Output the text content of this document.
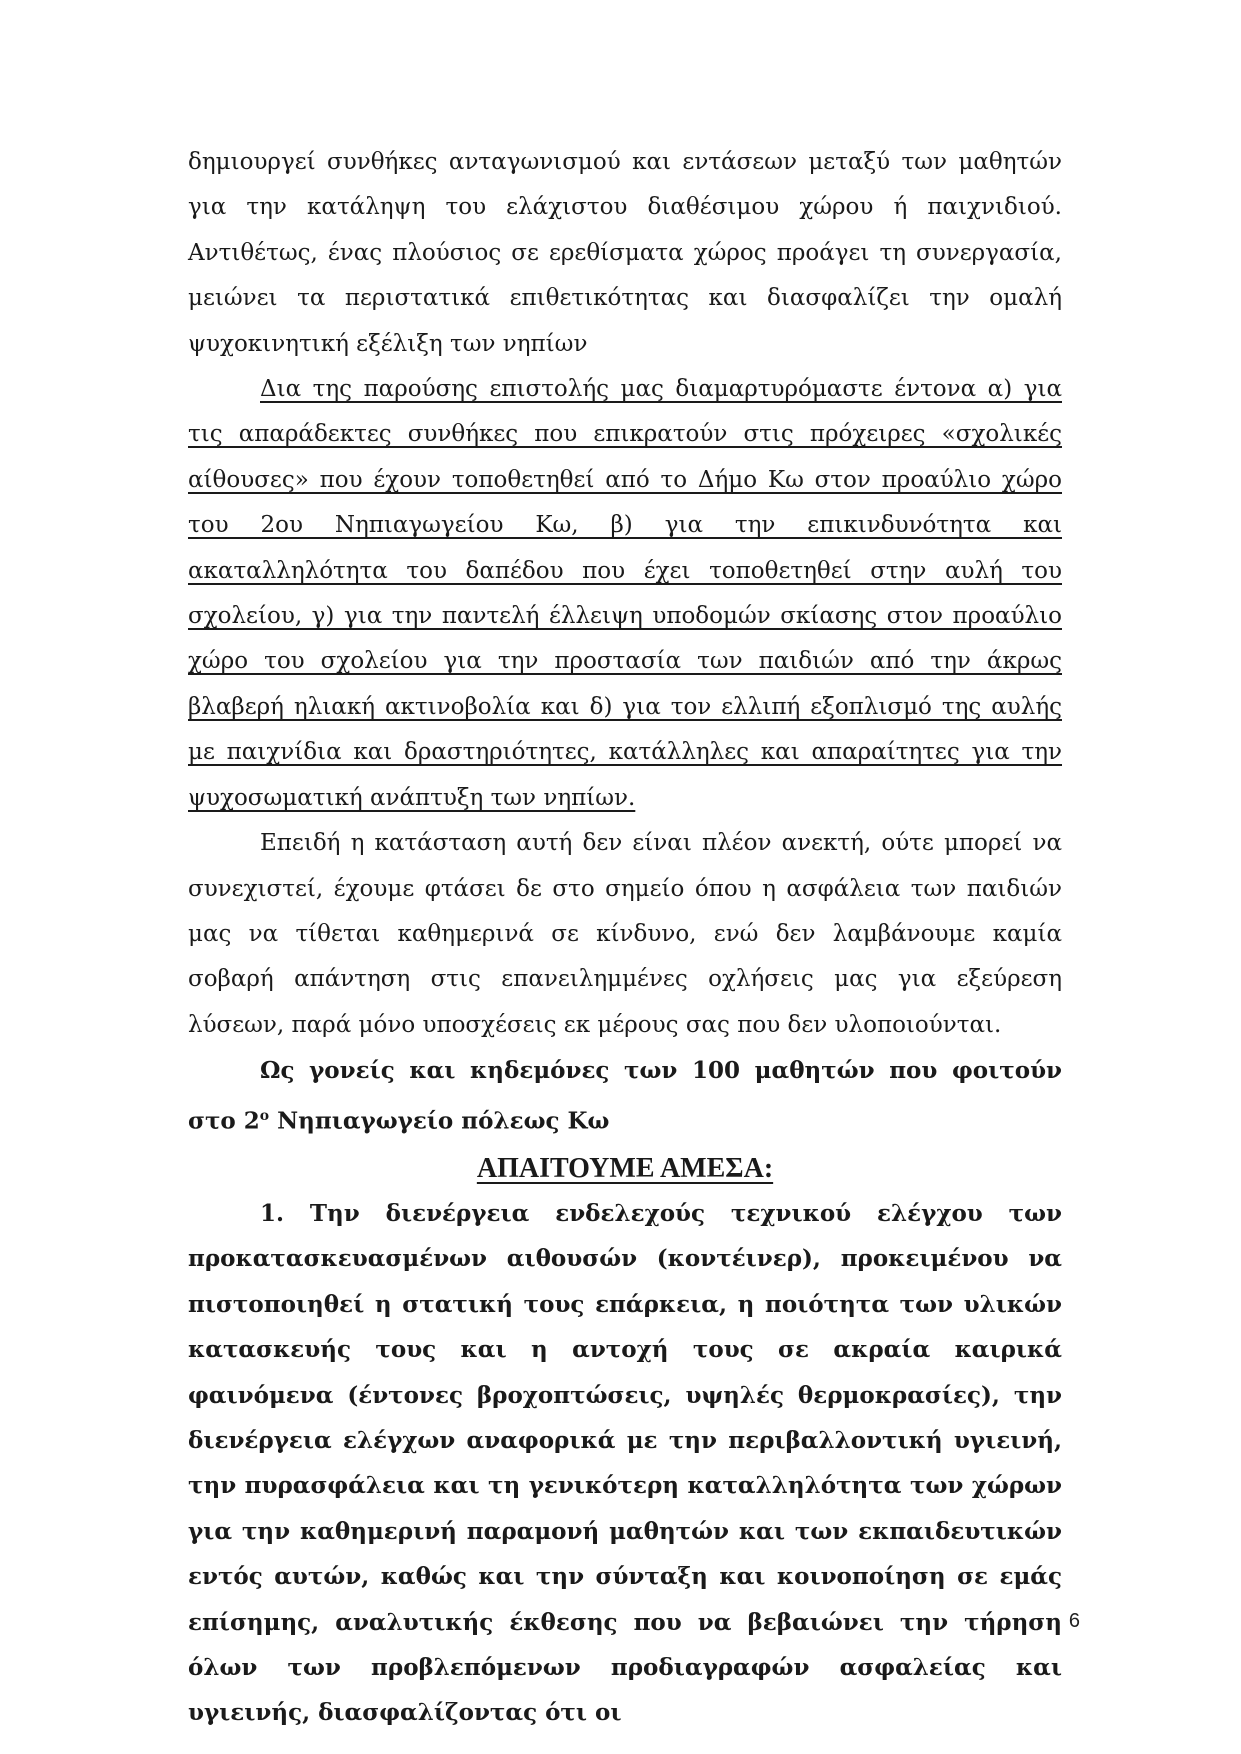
δημιουργεί συνθήκες ανταγωνισμού και εντάσεων μεταξύ των μαθητών για την κατάληψη του ελάχιστου διαθέσιμου χώρου ή παιχνιδιού. Αντιθέτως, ένας πλούσιος σε ερεθίσματα χώρος προάγει τη συνεργασία, μειώνει τα περιστατικά επιθετικότητας και διασφαλίζει την ομαλή ψυχοκινητική εξέλιξη των νηπίων

Δια της παρούσης επιστολής μας διαμαρτυρόμαστε έντονα α) για τις απαράδεκτες συνθήκες που επικρατούν στις πρόχειρες «σχολικές αίθουσες» που έχουν τοποθετηθεί από το Δήμο Κω στον προαύλιο χώρο του 2ου Νηπιαγωγείου Κω, β) για την επικινδυνότητα και ακαταλληλότητα του δαπέδου που έχει τοποθετηθεί στην αυλή του σχολείου, γ) για την παντελή έλλειψη υποδομών σκίασης στον προαύλιο χώρο του σχολείου για την προστασία των παιδιών από την άκρως βλαβερή ηλιακή ακτινοβολία και δ) για τον ελλιπή εξοπλισμό της αυλής με παιχνίδια και δραστηριότητες, κατάλληλες και απαραίτητες για την ψυχοσωματική ανάπτυξη των νηπίων.

Επειδή η κατάσταση αυτή δεν είναι πλέον ανεκτή, ούτε μπορεί να συνεχιστεί, έχουμε φτάσει δε στο σημείο όπου η ασφάλεια των παιδιών μας να τίθεται καθημερινά σε κίνδυνο, ενώ δεν λαμβάνουμε καμία σοβαρή απάντηση στις επανειλημμένες οχλήσεις μας για εξεύρεση λύσεων, παρά μόνο υποσχέσεις εκ μέρους σας που δεν υλοποιούνται.

Ως γονείς και κηδεμόνες των 100 μαθητών που φοιτούν στο $2^o$ Νηπιαγωγείο πόλεως Κω

ΑΠΑΙΤΟΥΜΕ ΑΜΕΣΑ:

1. Την διενέργεια ενδελεχούς τεχνικού ελέγχου των προκατασκευασμένων αιθουσών (κοντέινερ), προκειμένου να πιστοποιηθεί η στατική τους επάρκεια, η ποιότητα των υλικών κατασκευής τους και η αντοχή τους σε ακραία καιρικά φαινόμενα (έντονες βροχοπτώσεις, υψηλές θερμοκρασίες), την διενέργεια ελέγχων αναφορικά με την περιβαλλοντική υγιεινή, την πυρασφάλεια και τη γενικότερη καταλληλότητα των χώρων για την καθημερινή παραμονή μαθητών και των εκπαιδευτικών εντός αυτών, καθώς και την σύνταξη και κοινοποίηση σε εμάς επίσημης, αναλυτικής έκθεσης που να βεβαιώνει την τήρηση όλων των προβλεπόμενων προδιαγραφών ασφαλείας και υγιεινής, διασφαλίζοντας ότι οι

6
